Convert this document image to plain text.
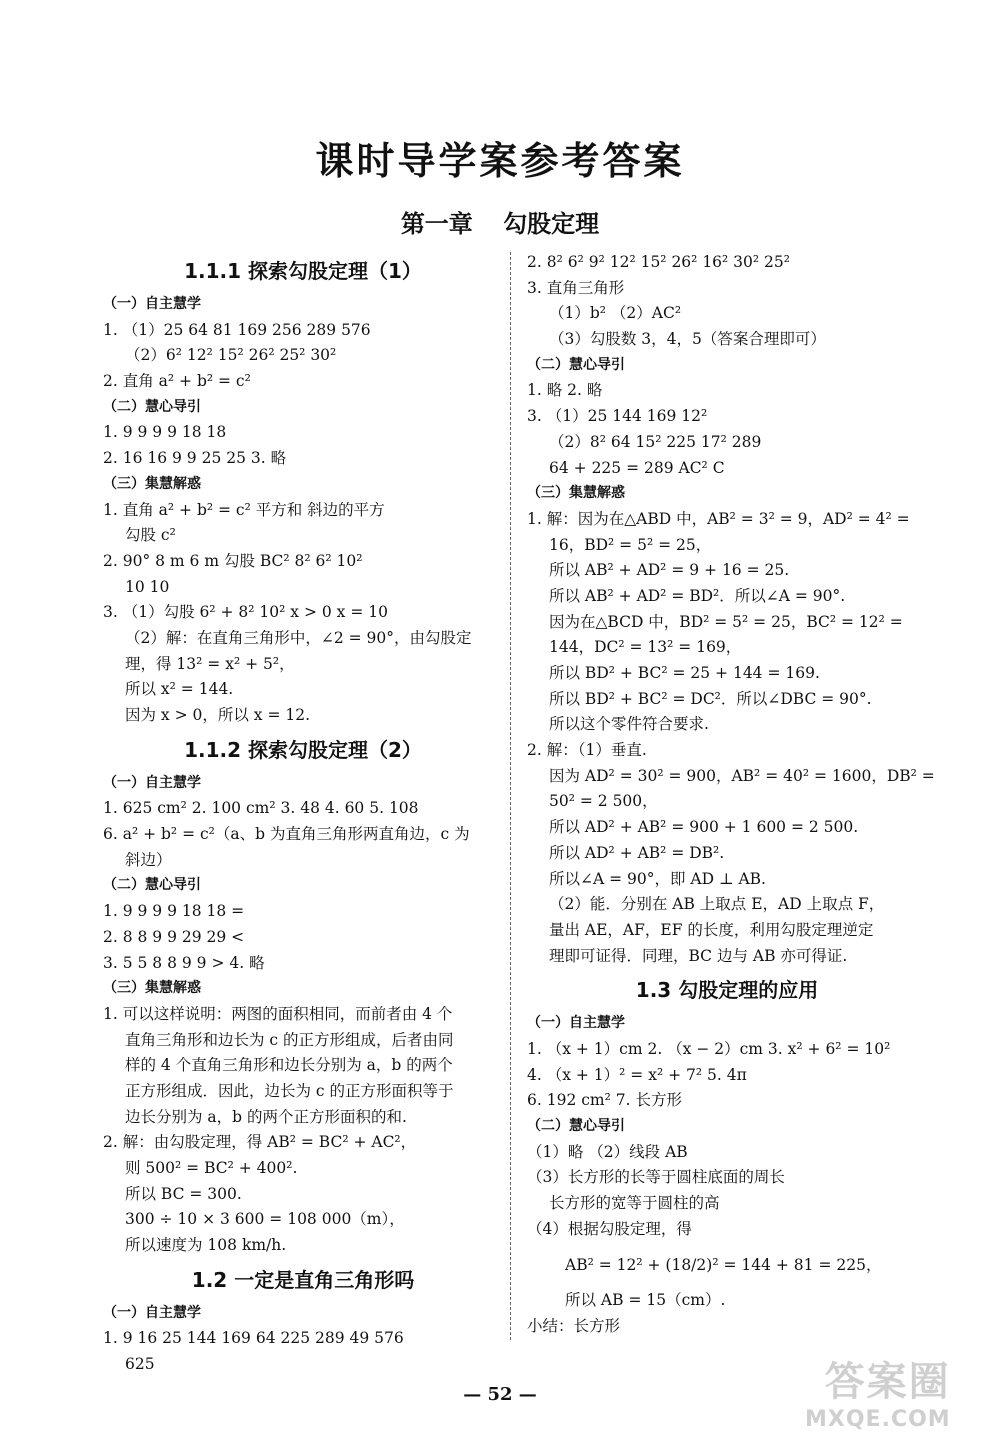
课时导学案参考答案
第一章 勾股定理
1.1.1 探索勾股定理（1）
（一）自主慧学
1. （1）25 64 81 169 256 289 576
（2）6² 12² 15² 26² 25² 30²
2. 直角 a² + b² = c²
（二）慧心导引
1. 9 9 9 9 18 18
2. 16 16 9 9 25 25 3. 略
（三）集慧解惑
1. 直角 a² + b² = c² 平方和 斜边的平方
勾股 c²
2. 90° 8 m 6 m 勾股 BC² 8² 6² 10²
10 10
3. （1）勾股 6² + 8² 10² x > 0 x = 10
（2）解：在直角三角形中，∠2 = 90°，由勾股定
理，得 13² = x² + 5²，
所以 x² = 144.
因为 x > 0，所以 x = 12.
1.1.2 探索勾股定理（2）
（一）自主慧学
1. 625 cm² 2. 100 cm² 3. 48 4. 60 5. 108
6. a² + b² = c²（a、b 为直角三角形两直角边，c 为
斜边）
（二）慧心导引
1. 9 9 9 9 18 18 =
2. 8 8 9 9 29 29 <
3. 5 5 8 8 9 9 > 4. 略
（三）集慧解惑
1. 可以这样说明：两图的面积相同，而前者由 4 个
直角三角形和边长为 c 的正方形组成，后者由同
样的 4 个直角三角形和边长分别为 a，b 的两个
正方形组成．因此，边长为 c 的正方形面积等于
边长分别为 a，b 的两个正方形面积的和.
2. 解：由勾股定理，得 AB² = BC² + AC²，
则 500² = BC² + 400².
所以 BC = 300.
300 ÷ 10 × 3 600 = 108 000（m），
所以速度为 108 km/h.
1.2 一定是直角三角形吗
（一）自主慧学
1. 9 16 25 144 169 64 225 289 49 576
625
2. 8² 6² 9² 12² 15² 26² 16² 30² 25²
3. 直角三角形
（1）b² （2）AC²
（3）勾股数 3，4，5（答案合理即可）
（二）慧心导引
1. 略 2. 略
3. （1）25 144 169 12²
（2）8² 64 15² 225 17² 289
64 + 225 = 289 AC² C
（三）集慧解惑
1. 解：因为在△ABD 中，AB² = 3² = 9，AD² = 4² =
16，BD² = 5² = 25，
所以 AB² + AD² = 9 + 16 = 25.
所以 AB² + AD² = BD²．所以∠A = 90°.
因为在△BCD 中，BD² = 5² = 25，BC² = 12² =
144，DC² = 13² = 169，
所以 BD² + BC² = 25 + 144 = 169.
所以 BD² + BC² = DC²．所以∠DBC = 90°.
所以这个零件符合要求.
2. 解：（1）垂直.
因为 AD² = 30² = 900，AB² = 40² = 1600，DB² =
50² = 2 500，
所以 AD² + AB² = 900 + 1 600 = 2 500.
所以 AD² + AB² = DB².
所以∠A = 90°，即 AD ⊥ AB.
（2）能．分别在 AB 上取点 E，AD 上取点 F，
量出 AE，AF，EF 的长度，利用勾股定理逆定
理即可证得．同理，BC 边与 AB 亦可得证.
1.3 勾股定理的应用
（一）自主慧学
1. （x + 1）cm 2. （x − 2）cm 3. x² + 6² = 10²
4. （x + 1）² = x² + 7² 5. 4π
6. 192 cm² 7. 长方形
（二）慧心导引
（1）略 （2）线段 AB
（3）长方形的长等于圆柱底面的周长
长方形的宽等于圆柱的高
（4）根据勾股定理，得
AB² = 12² + (18/2)² = 144 + 81 = 225，
所以 AB = 15（cm）.
小结：长方形
— 52 —	答案圈
MXQE.COM
